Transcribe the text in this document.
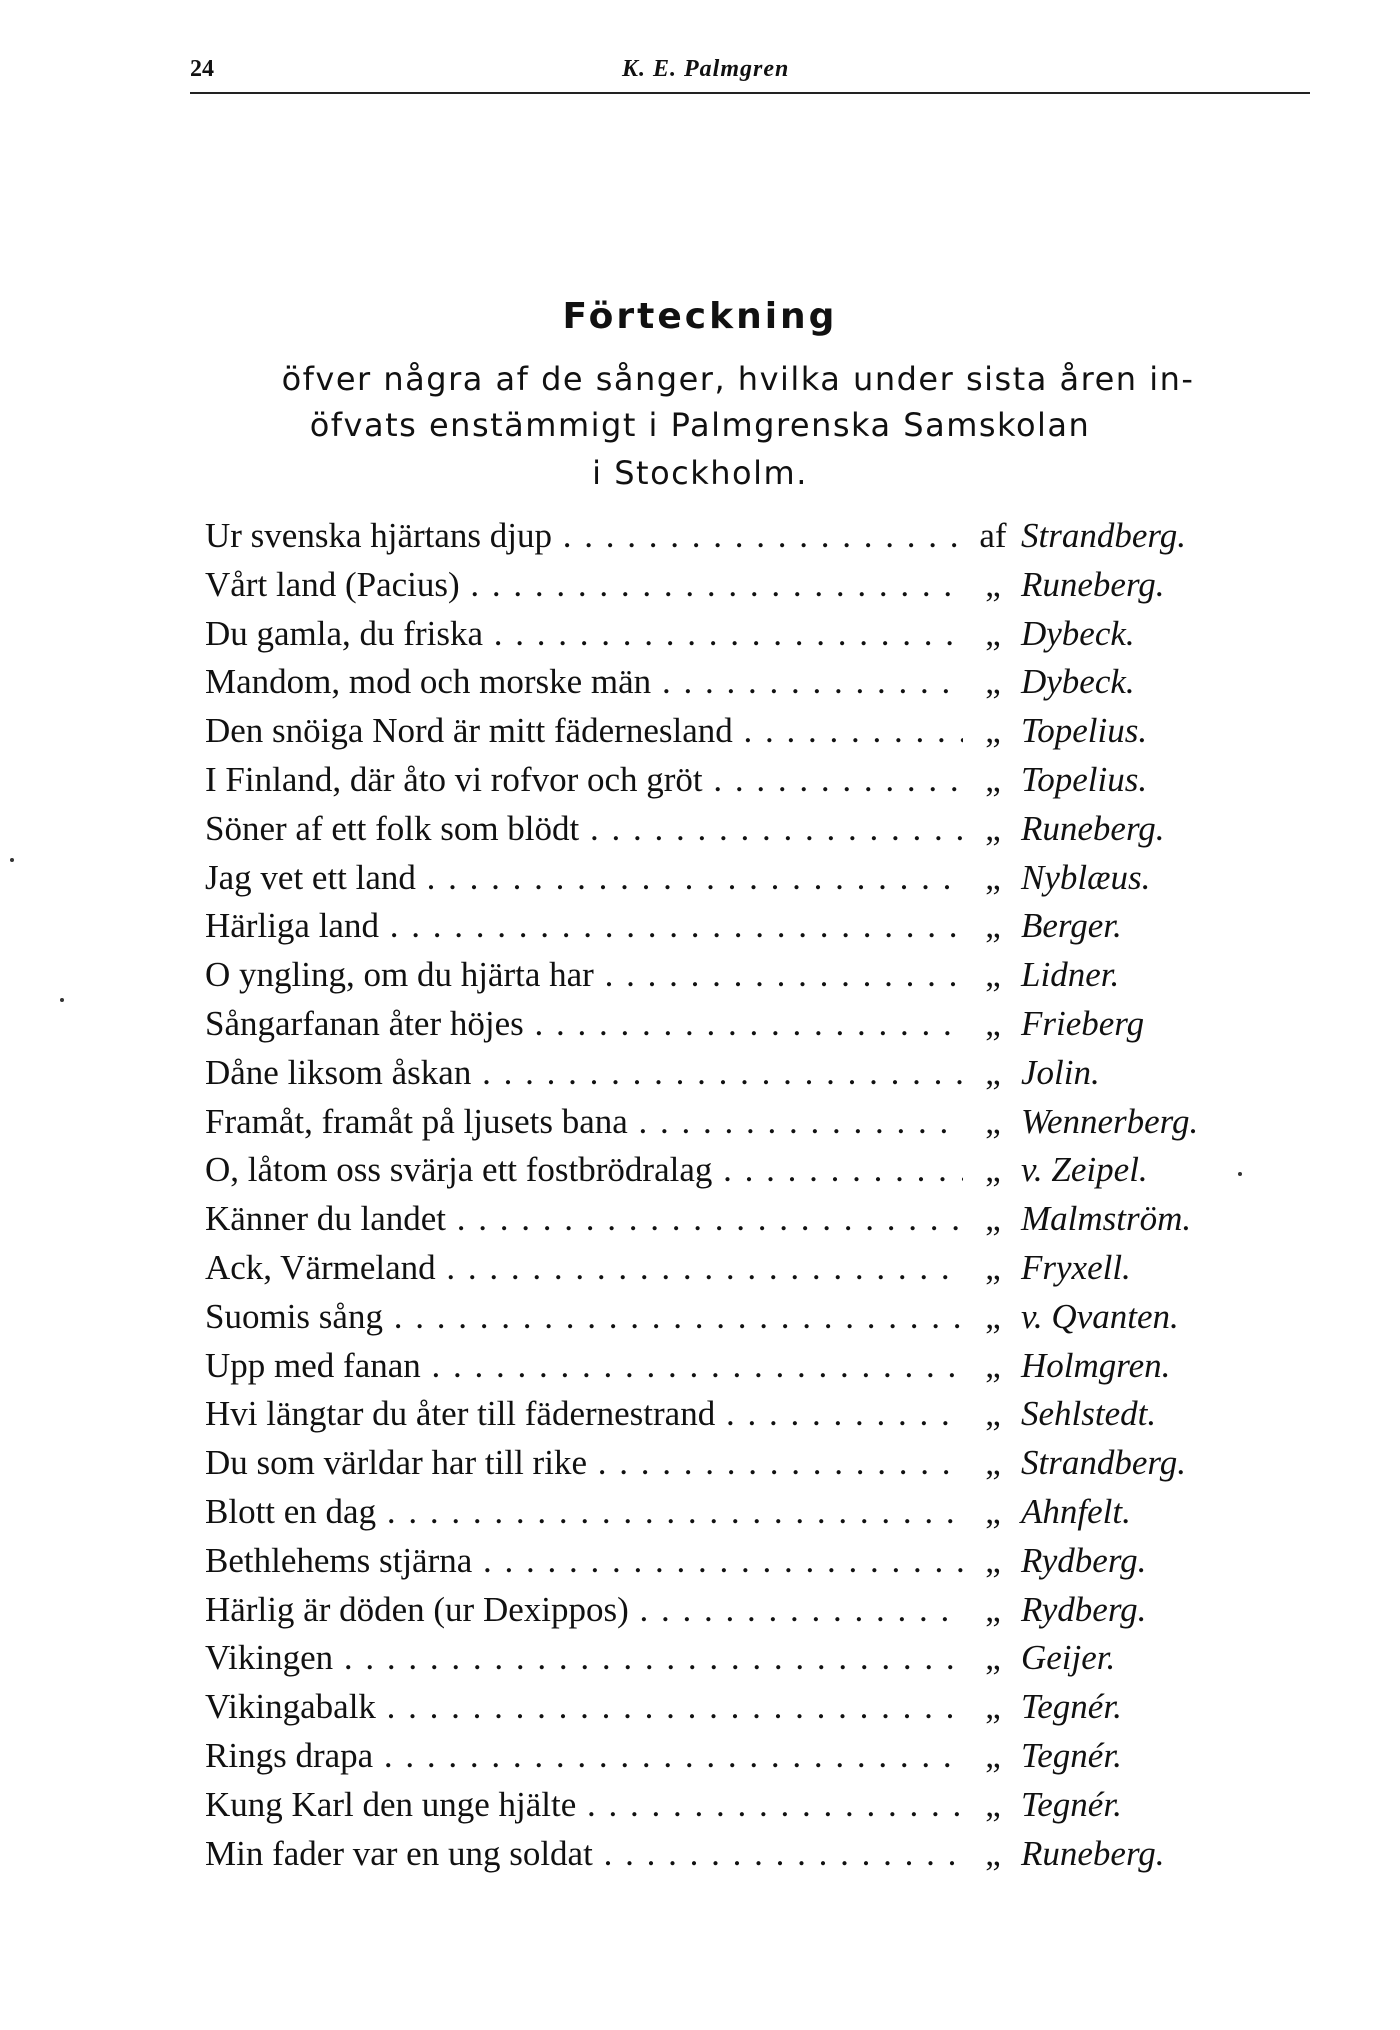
24	K. E. Palmgren
Förteckning
öfver några af de sånger, hvilka under sista åren in-
öfvats enstämmigt i Palmgrenska Samskolan
i Stockholm.
Ur svenska hjärtans djup . . .	af Strandberg.
Vårt land (Pacius) . . .	„ Runeberg.
Du gamla, du friska . . .	„ Dybeck.
Mandom, mod och morske män . . .	„ Dybeck.
Den snöiga Nord är mitt fädernesland . . .	„ Topelius.
I Finland, där åto vi rofvor och gröt . . .	„ Topelius.
Söner af ett folk som blödt . . .	„ Runeberg.
Jag vet ett land . . .	„ Nyblæus.
Härliga land . . .	„ Berger.
O yngling, om du hjärta har . . .	„ Lidner.
Sångarfanan åter höjes . . .	„ Frieberg
Dåne liksom åskan . . .	„ Jolin.
Framåt, framåt på ljusets bana . . .	„ Wennerberg.
O, låtom oss svärja ett fostbrödralag . . .	„ v. Zeipel.
Känner du landet . . .	„ Malmström.
Ack, Värmeland . . .	„ Fryxell.
Suomis sång . . .	„ v. Qvanten.
Upp med fanan . . .	„ Holmgren.
Hvi längtar du åter till fädernestrand . . .	„ Sehlstedt.
Du som världar har till rike . . .	„ Strandberg.
Blott en dag . . .	„ Ahnfelt.
Bethlehems stjärna . . .	„ Rydberg.
Härlig är döden (ur Dexippos) . . .	„ Rydberg.
Vikingen . . .	„ Geijer.
Vikingabalk . . .	„ Tegnér.
Rings drapa . . .	„ Tegnér.
Kung Karl den unge hjälte . . .	„ Tegnér.
Min fader var en ung soldat . . .	„ Runeberg.
